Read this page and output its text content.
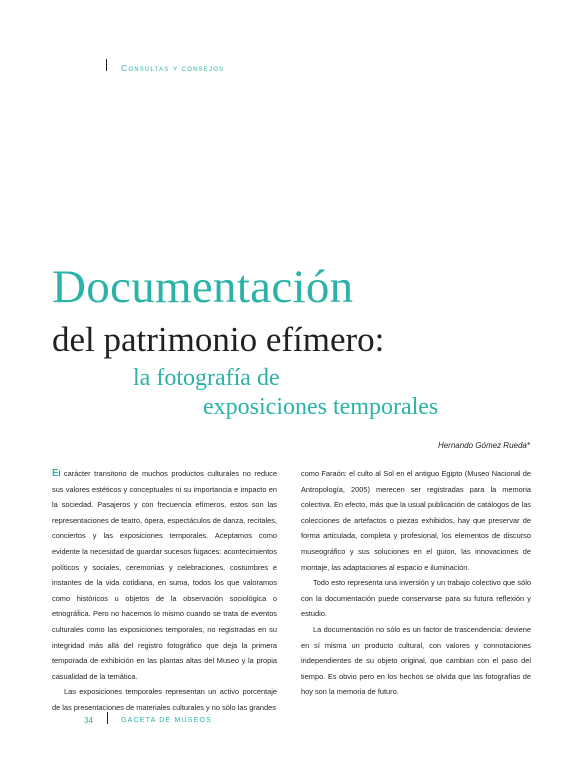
Consultas y consejos
Documentación
del patrimonio efímero:
la fotografía de
exposiciones temporales
Hernando Gómez Rueda*

El carácter transitorio de muchos productos culturales no reduce sus valores estéticos y conceptuales ni su importancia e impacto en la sociedad. Pasajeros y con frecuencia efímeros, estos son las representaciones de teatro, ópera, espectáculos de danza, recitales, conciertos y las exposiciones temporales. Aceptamos como evidente la necesidad de guardar sucesos fugaces: acontecimientos políticos y sociales, ceremonias y celebraciones, costumbres e instantes de la vida cotidiana, en suma, todos los que valoramos como históricos u objetos de la observación sociológica o etnográfica. Pero no hacemos lo mismo cuando se trata de eventos culturales como las exposiciones temporales, no registradas en su integridad más allá del registro fotográfico que deja la primera temporada de exhibición en las plantas altas del Museo y la propia casualidad de la temática.

Las exposiciones temporales representan un activo porcentaje de las presentaciones de materiales culturales y no sólo las grandes

como Faraón: el culto al Sol en el antiguo Egipto (Museo Nacional de Antropología, 2005) merecen ser registradas para la memoria colectiva. En efecto, más que la usual publicación de catálogos de las colecciones de artefactos o piezas exhibidos, hay que preservar de forma articulada, completa y profesional, los elementos de discurso museográfico y sus soluciones en el guion, las innovaciones de montaje, las adaptaciones al espacio e iluminación.

Todo esto representa una inversión y un trabajo colectivo que sólo con la documentación puede conservarse para su futura reflexión y estudio.

La documentación no sólo es un factor de trascendencia: deviene en sí misma un producto cultural, con valores y connotaciones independientes de su objeto original, que cambian con el paso del tiempo. Es obvio pero en los hechos se olvida que las fotografías de hoy son la memoria de futuro.

34	GACETA DE MUSEOS
